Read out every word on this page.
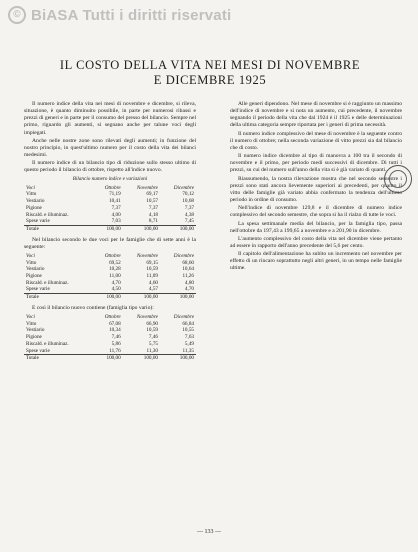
© BiASA Tutti i diritti riservati
IL COSTO DELLA VITA NEI MESI DI NOVEMBRE
E DICEMBRE 1925

Il numero indice della vita nei mesi di novembre e dicembre, si rileva, situazione, è quanto diminuito possibile, in parte per numerosi ribassi e prezzi di generi e in parte per il consumo del presso del bilancio. Sempre nel primo, riguardo gli aumenti, si segnano anche per talune voci degli impiegati.

Anche nelle nostre zone sono rilevati degli aumenti; in funzione del nostro principio, in quest'ultimo numero per il costo della vita dei bilanci medesimi.

Il numero indice di un bilancio tipo di riduzione sullo stesso ultimo di questo periodo il bilancio di ottobre, rispetto all'indice nuovo.

Bilancio numero indice e variazioni
Voci	Ottobre	Novembre	Dicembre
Vitto	71,19	69,17	70,12
Vestiario	10,41	10,57	10,68
Pigione	7,37	7,37	7,37
Riscald. e illuminaz.	4,00	4,18	4,38
Spese varie	7,03	8,71	7,45
Totale	100,00	100,00	100,00

Nel bilancio secondo le due voci per le famiglie che di sette anni è la seguente:

Voci	Ottobre	Novembre	Dicembre
Vitto	69,52	69,15	68,60
Vestiario	10,28	10,59	10,64
Pigione	11,00	11,09	11,26
Riscald. e illuminaz.	4,70	4,60	4,80
Spese varie	4,50	4,57	4,70
Totale	100,00	100,00	100,00

E così il bilancio nuovo contiene (famiglia tipo vario):

Voci	Ottobre	Novembre	Dicembre
Vitto	67,08	66,90	66,84
Vestiario	10,34	10,59	10,55
Pigione	7,46	7,46	7,63
Riscald. e illuminaz.	5,86	5,75	5,49
Spese varie	11,76	11,30	11,35
Totale	100,00	100,00	100,00

Alle generi dipendono. Nel mese di novembre si è raggiunto un massimo dell'indice di novembre e si nota un aumento, cui precedente, il novembre segnando il periodo della vita che dal 1924 è il 1925 e delle determinazioni della ultima categoria sempre riportata per i generi di prima necessità.

Il numero indice complessivo del mese di novembre è la seguente contro il numero di ottobre; nella seconda variazione di vitto prezzi sia dal bilancio che di costo.

Il numero indice dicembre al tipo di manovra a 100 tra il secondo di novembre e il primo, per periodo medi successivi di dicembre. Di tutti i prezzi, su cui del numero sull'anno della vita si è già variato di quanti.

Riassumendo, la nostra rilevazione mostra che nel secondo semestre i prezzi sono stati ancora lievemente superiori ai precedenti, per quanto il vitto delle famiglie già variato abbia confermato la tendenza dell'ultimo periodo in ordine di consumo.

Nell'indice di novembre 129,8 e il dicembre di numero indice complessivo del secondo semestre, che sopra si ha il rialzo di tutte le voci.

La spesa settimanale media del bilancio, per la famiglia tipo, passa nell'ottobre da 197,43 a 199,65 a novembre e a 201,90 in dicembre.

L'aumento complessivo del costo della vita nel dicembre viene pertanto ad essere in rapporto dell'anno precedente del 5,6 per cento.

Il capitolo dell'alimentazione ha subìto un incremento nel novembre per effetto di un rincaro soprattutto negli altri generi, in un tempo nelle famiglie ultime.

— 133 —
